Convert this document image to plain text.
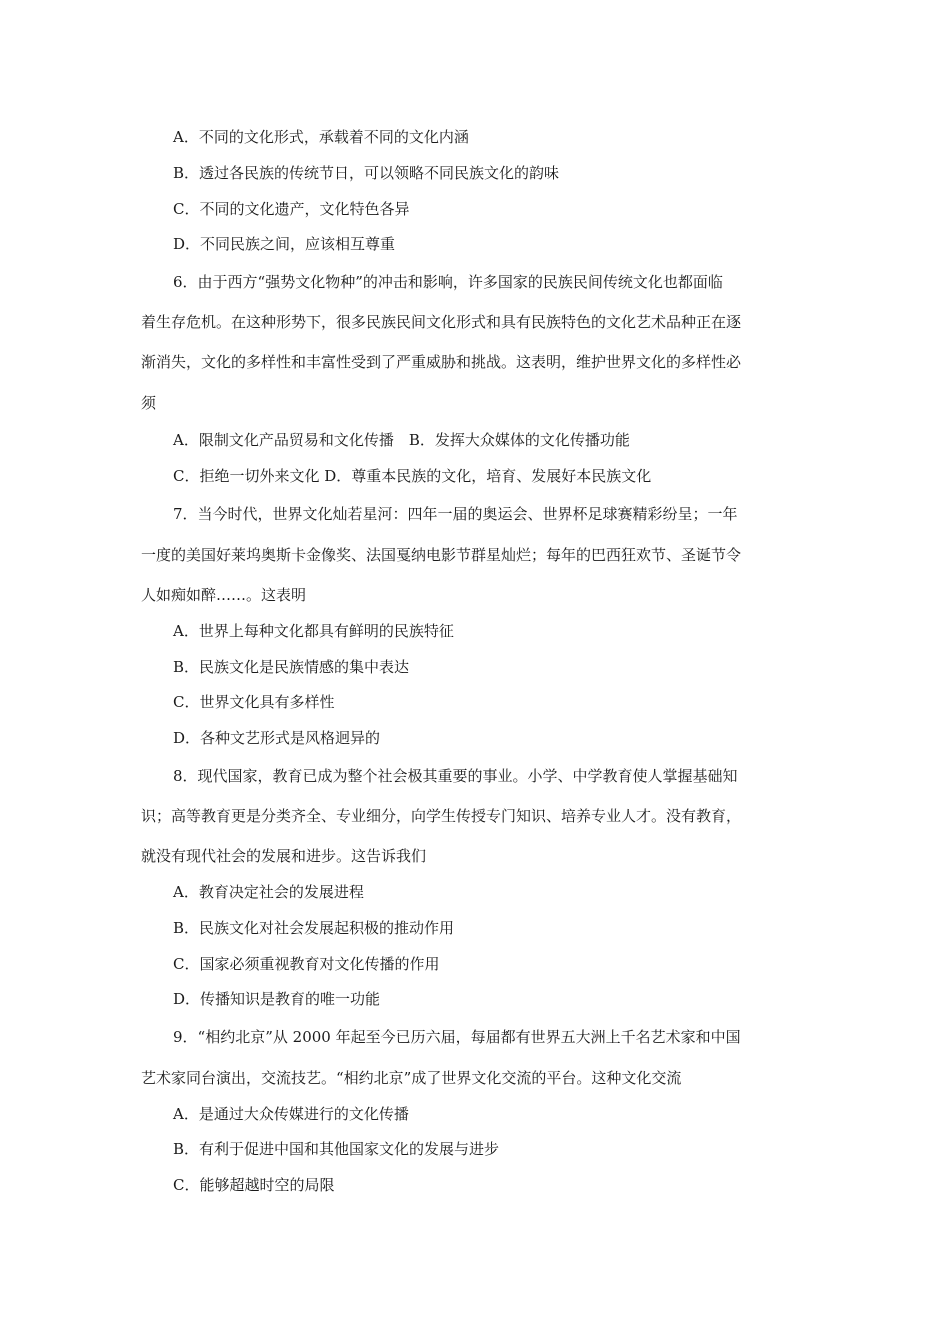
A．不同的文化形式，承载着不同的文化内涵
B．透过各民族的传统节日，可以领略不同民族文化的韵味
C．不同的文化遗产，文化特色各异
D．不同民族之间，应该相互尊重
6．由于西方“强势文化物种”的冲击和影响，许多国家的民族民间传统文化也都面临
着生存危机。在这种形势下，很多民族民间文化形式和具有民族特色的文化艺术品种正在逐
渐消失，文化的多样性和丰富性受到了严重威胁和挑战。这表明，维护世界文化的多样性必
须
A．限制文化产品贸易和文化传播　B．发挥大众媒体的文化传播功能
C．拒绝一切外来文化 D．尊重本民族的文化，培育、发展好本民族文化
7．当今时代，世界文化灿若星河：四年一届的奥运会、世界杯足球赛精彩纷呈；一年
一度的美国好莱坞奥斯卡金像奖、法国戛纳电影节群星灿烂；每年的巴西狂欢节、圣诞节令
人如痴如醉……。这表明
A．世界上每种文化都具有鲜明的民族特征
B．民族文化是民族情感的集中表达
C．世界文化具有多样性
D．各种文艺形式是风格迥异的
8．现代国家，教育已成为整个社会极其重要的事业。小学、中学教育使人掌握基础知
识；高等教育更是分类齐全、专业细分，向学生传授专门知识、培养专业人才。没有教育，
就没有现代社会的发展和进步。这告诉我们
A．教育决定社会的发展进程
B．民族文化对社会发展起积极的推动作用
C．国家必须重视教育对文化传播的作用
D．传播知识是教育的唯一功能
9．“相约北京”从 2000 年起至今已历六届，每届都有世界五大洲上千名艺术家和中国
艺术家同台演出，交流技艺。“相约北京”成了世界文化交流的平台。这种文化交流
A．是通过大众传媒进行的文化传播
B．有利于促进中国和其他国家文化的发展与进步
C．能够超越时空的局限
